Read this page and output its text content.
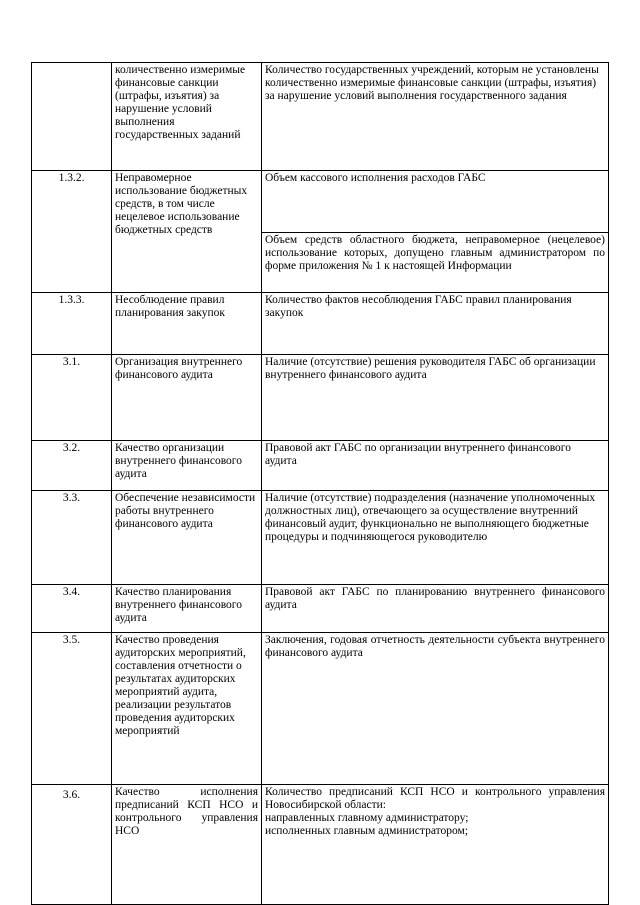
	количественно измеримые финансовые санкции (штрафы, изъятия) за нарушение условий выполнения государственных заданий	Количество государственных учреждений, которым не установлены количественно измеримые финансовые санкции (штрафы, изъятия) за нарушение условий выполнения государственного задания
1.3.2.	Неправомерное использование бюджетных средств, в том числе нецелевое использование бюджетных средств	Объем кассового исполнения расходов ГАБС
		Объем средств областного бюджета, неправомерное (нецелевое) использование которых, допущено главным администратором по форме приложения № 1 к настоящей Информации
1.3.3.	Несоблюдение правил планирования закупок	Количество фактов несоблюдения ГАБС правил планирования закупок
3.1.	Организация внутреннего финансового аудита	Наличие (отсутствие) решения руководителя ГАБС об организации внутреннего финансового аудита
3.2.	Качество организации внутреннего финансового аудита	Правовой акт ГАБС по организации внутреннего финансового аудита
3.3.	Обеспечение независимости работы внутреннего финансового аудита	Наличие (отсутствие) подразделения (назначение уполномоченных должностных лиц), отвечающего за осуществление внутренний финансовый аудит, функционально не выполняющего бюджетные процедуры и подчиняющегося руководителю
3.4.	Качество планирования внутреннего финансового аудита	Правовой акт ГАБС по планированию внутреннего финансового аудита
3.5.	Качество проведения аудиторских мероприятий, составления отчетности о результатах аудиторских мероприятий аудита, реализации результатов проведения аудиторских мероприятий	Заключения, годовая отчетность деятельности субъекта внутреннего финансового аудита
3.6.	Качество исполнения предписаний КСП НСО и контрольного управления НСО	Количество предписаний КСП НСО и контрольного управления Новосибирской области:
направленных главному администратору;
исполненных главным администратором;
